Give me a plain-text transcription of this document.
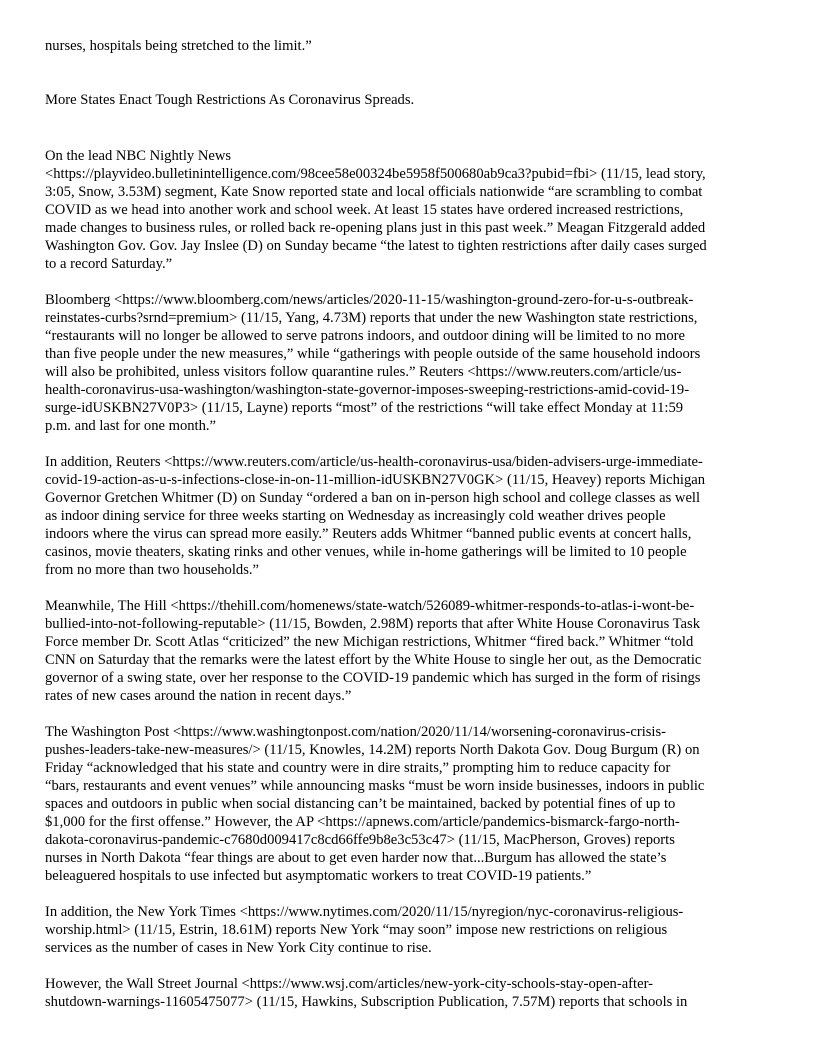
nurses, hospitals being stretched to the limit.”

More States Enact Tough Restrictions As Coronavirus Spreads.

On the lead NBC Nightly News
<https://playvideo.bulletinintelligence.com/98cee58e00324be5958f500680ab9ca3?pubid=fbi> (11/15, lead story,
3:05, Snow, 3.53M) segment, Kate Snow reported state and local officials nationwide “are scrambling to combat
COVID as we head into another work and school week. At least 15 states have ordered increased restrictions,
made changes to business rules, or rolled back re-opening plans just in this past week.” Meagan Fitzgerald added
Washington Gov. Gov. Jay Inslee (D) on Sunday became “the latest to tighten restrictions after daily cases surged
to a record Saturday.”

Bloomberg <https://www.bloomberg.com/news/articles/2020-11-15/washington-ground-zero-for-u-s-outbreak-
reinstates-curbs?srnd=premium> (11/15, Yang, 4.73M) reports that under the new Washington state restrictions,
“restaurants will no longer be allowed to serve patrons indoors, and outdoor dining will be limited to no more
than five people under the new measures,” while “gatherings with people outside of the same household indoors
will also be prohibited, unless visitors follow quarantine rules.” Reuters <https://www.reuters.com/article/us-
health-coronavirus-usa-washington/washington-state-governor-imposes-sweeping-restrictions-amid-covid-19-
surge-idUSKBN27V0P3> (11/15, Layne) reports “most” of the restrictions “will take effect Monday at 11:59
p.m. and last for one month.”

In addition, Reuters <https://www.reuters.com/article/us-health-coronavirus-usa/biden-advisers-urge-immediate-
covid-19-action-as-u-s-infections-close-in-on-11-million-idUSKBN27V0GK> (11/15, Heavey) reports Michigan
Governor Gretchen Whitmer (D) on Sunday “ordered a ban on in-person high school and college classes as well
as indoor dining service for three weeks starting on Wednesday as increasingly cold weather drives people
indoors where the virus can spread more easily.” Reuters adds Whitmer “banned public events at concert halls,
casinos, movie theaters, skating rinks and other venues, while in-home gatherings will be limited to 10 people
from no more than two households.”

Meanwhile, The Hill <https://thehill.com/homenews/state-watch/526089-whitmer-responds-to-atlas-i-wont-be-
bullied-into-not-following-reputable> (11/15, Bowden, 2.98M) reports that after White House Coronavirus Task
Force member Dr. Scott Atlas “criticized” the new Michigan restrictions, Whitmer “fired back.” Whitmer “told
CNN on Saturday that the remarks were the latest effort by the White House to single her out, as the Democratic
governor of a swing state, over her response to the COVID-19 pandemic which has surged in the form of risings
rates of new cases around the nation in recent days.”

The Washington Post <https://www.washingtonpost.com/nation/2020/11/14/worsening-coronavirus-crisis-
pushes-leaders-take-new-measures/> (11/15, Knowles, 14.2M) reports North Dakota Gov. Doug Burgum (R) on
Friday “acknowledged that his state and country were in dire straits,” prompting him to reduce capacity for
“bars, restaurants and event venues” while announcing masks “must be worn inside businesses, indoors in public
spaces and outdoors in public when social distancing can’t be maintained, backed by potential fines of up to
$1,000 for the first offense.” However, the AP <https://apnews.com/article/pandemics-bismarck-fargo-north-
dakota-coronavirus-pandemic-c7680d009417c8cd66ffe9b8e3c53c47> (11/15, MacPherson, Groves) reports
nurses in North Dakota “fear things are about to get even harder now that...Burgum has allowed the state’s
beleaguered hospitals to use infected but asymptomatic workers to treat COVID-19 patients.”

In addition, the New York Times <https://www.nytimes.com/2020/11/15/nyregion/nyc-coronavirus-religious-
worship.html> (11/15, Estrin, 18.61M) reports New York “may soon” impose new restrictions on religious
services as the number of cases in New York City continue to rise.

However, the Wall Street Journal <https://www.wsj.com/articles/new-york-city-schools-stay-open-after-
shutdown-warnings-11605475077> (11/15, Hawkins, Subscription Publication, 7.57M) reports that schools in
